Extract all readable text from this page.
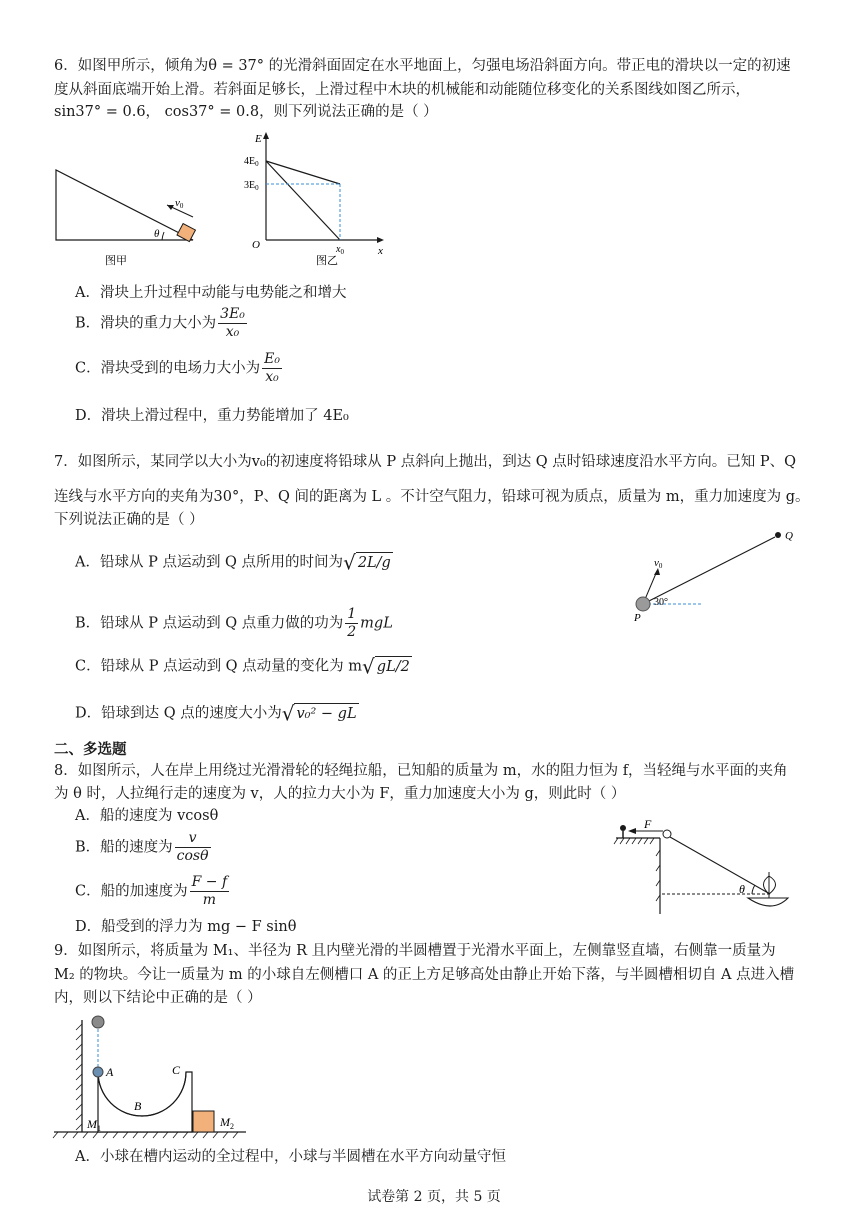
6．如图甲所示，倾角为θ = 37° 的光滑斜面固定在水平地面上，匀强电场沿斜面方向。带正电的滑块以一定的初速
度从斜面底端开始上滑。若斜面足够长，上滑过程中木块的机械能和动能随位移变化的关系图线如图乙所示，
sin37° = 0.6， cos37° = 0.8，则下列说法正确的是（ ）
θ
v0
图甲
E
x
O
$4E_0$
$3E_0$
$x_0$
图乙
A．滑块上升过程中动能与电势能之和增大
B．滑块的重力大小为 $\frac{\text{3E₀}}{\text{x₀}}$
C．滑块受到的电场力大小为 $\frac{\text{E₀}}{\text{x₀}}$
D．滑块上滑过程中，重力势能增加了 4E₀
7．如图所示，某同学以大小为v₀的初速度将铅球从 P 点斜向上抛出，到达 Q 点时铅球速度沿水平方向。已知 P、Q
连线与水平方向的夹角为30°，P、Q 间的距离为 L 。不计空气阻力，铅球可视为质点，质量为 m，重力加速度为 g。
下列说法正确的是（ ）
Q
v0
30°
P
A．铅球从 P 点运动到 Q 点所用的时间为√ 2L/g
B．铅球从 P 点运动到 Q 点重力做的功为 $\frac{1}{2}$ mgL
C．铅球从 P 点运动到 Q 点动量的变化为 m√ gL/2
D．铅球到达 Q 点的速度大小为√ v₀² − gL
二、多选题
8．如图所示，人在岸上用绕过光滑滑轮的轻绳拉船，已知船的质量为 m，水的阻力恒为 f，当轻绳与水平面的夹角
为 θ 时，人拉绳行走的速度为 v，人的拉力大小为 F，重力加速度大小为 g，则此时（ ）
F
θ
A．船的速度为 vcosθ
B．船的速度为 $\frac{v}{\cos\theta}$
C．船的加速度为 $\frac{F - f}{m}$
D．船受到的浮力为 mg − F sinθ
9．如图所示，将质量为 M₁、半径为 R 且内壁光滑的半圆槽置于光滑水平面上，左侧靠竖直墙，右侧靠一质量为
M₂ 的物块。今让一质量为 m 的小球自左侧槽口 A 的正上方足够高处由静止开始下落，与半圆槽相切自 A 点进入槽
内，则以下结论中正确的是（ ）
A
B
C
$M_1$	$M_2$
A．小球在槽内运动的全过程中，小球与半圆槽在水平方向动量守恒
试卷第 2 页，共 5 页
